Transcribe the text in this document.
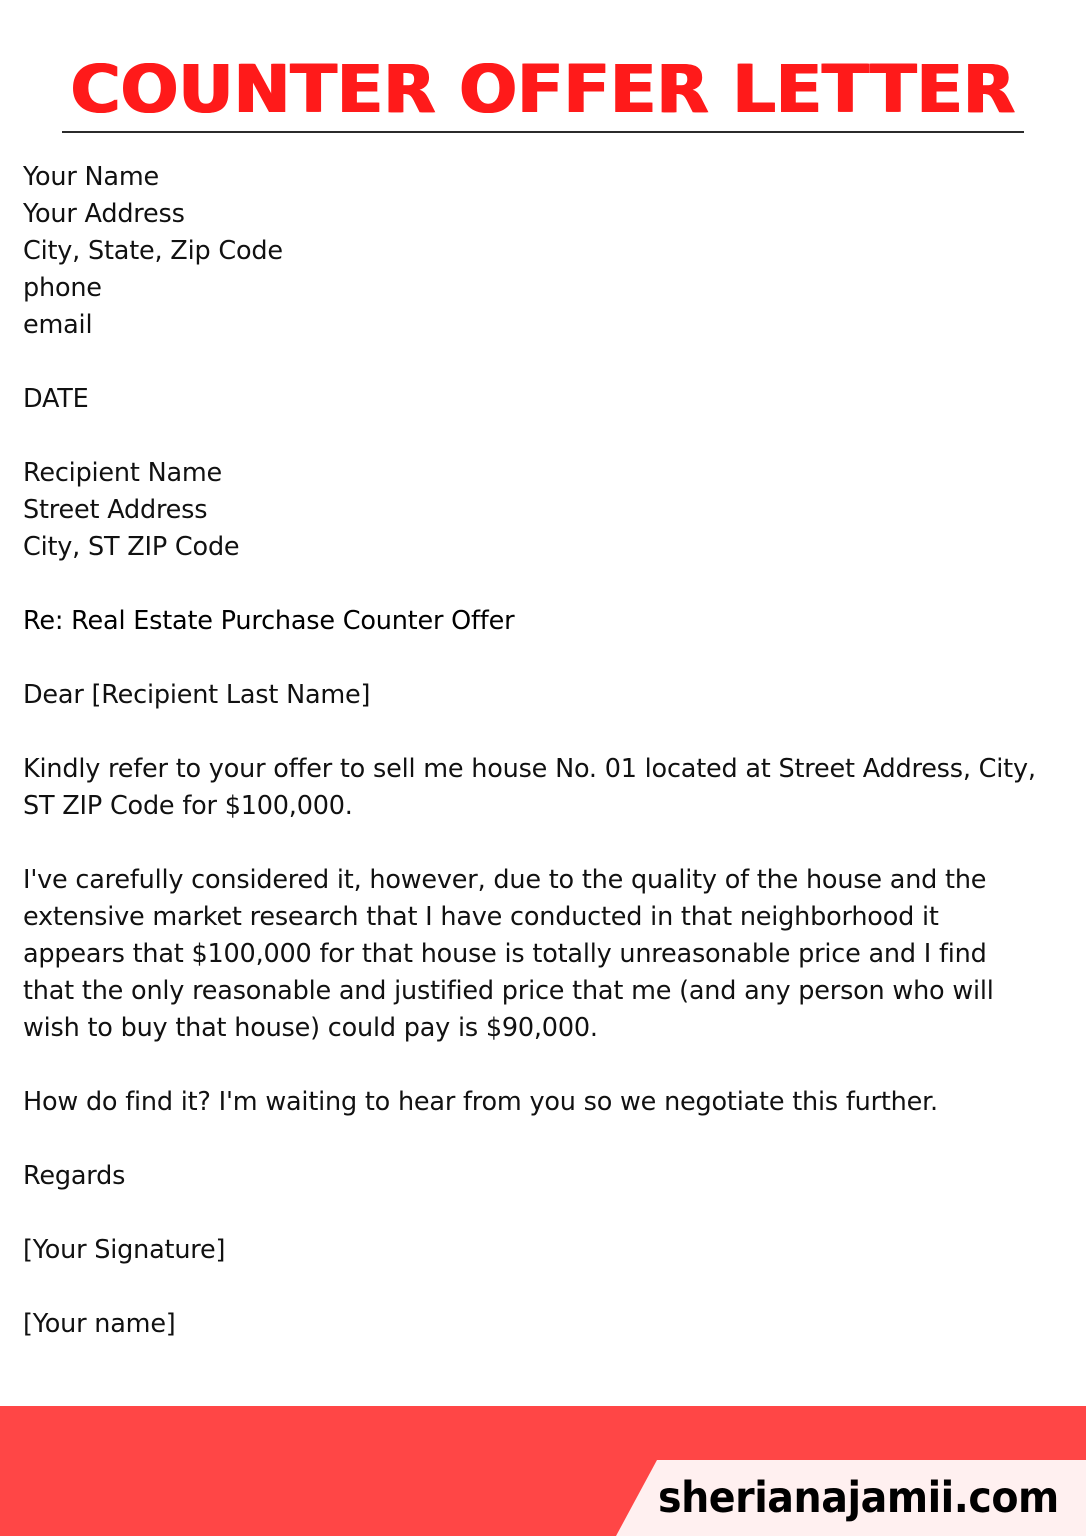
COUNTER OFFER LETTER
Your Name
Your Address
City, State, Zip Code
phone
email
DATE
Recipient Name
Street Address
City, ST ZIP Code
Re: Real Estate Purchase Counter Offer
Dear [Recipient Last Name]
Kindly refer to your offer to sell me house No. 01 located at Street Address, City,
ST ZIP Code for $100,000.
I've carefully considered it, however, due to the quality of the house and the
extensive market research that I have conducted in that neighborhood it
appears that $100,000 for that house is totally unreasonable price and I find
that the only reasonable and justified price that me (and any person who will
wish to buy that house) could pay is $90,000.
How do find it? I'm waiting to hear from you so we negotiate this further.
Regards
[Your Signature]
[Your name]
sherianajamii.com
